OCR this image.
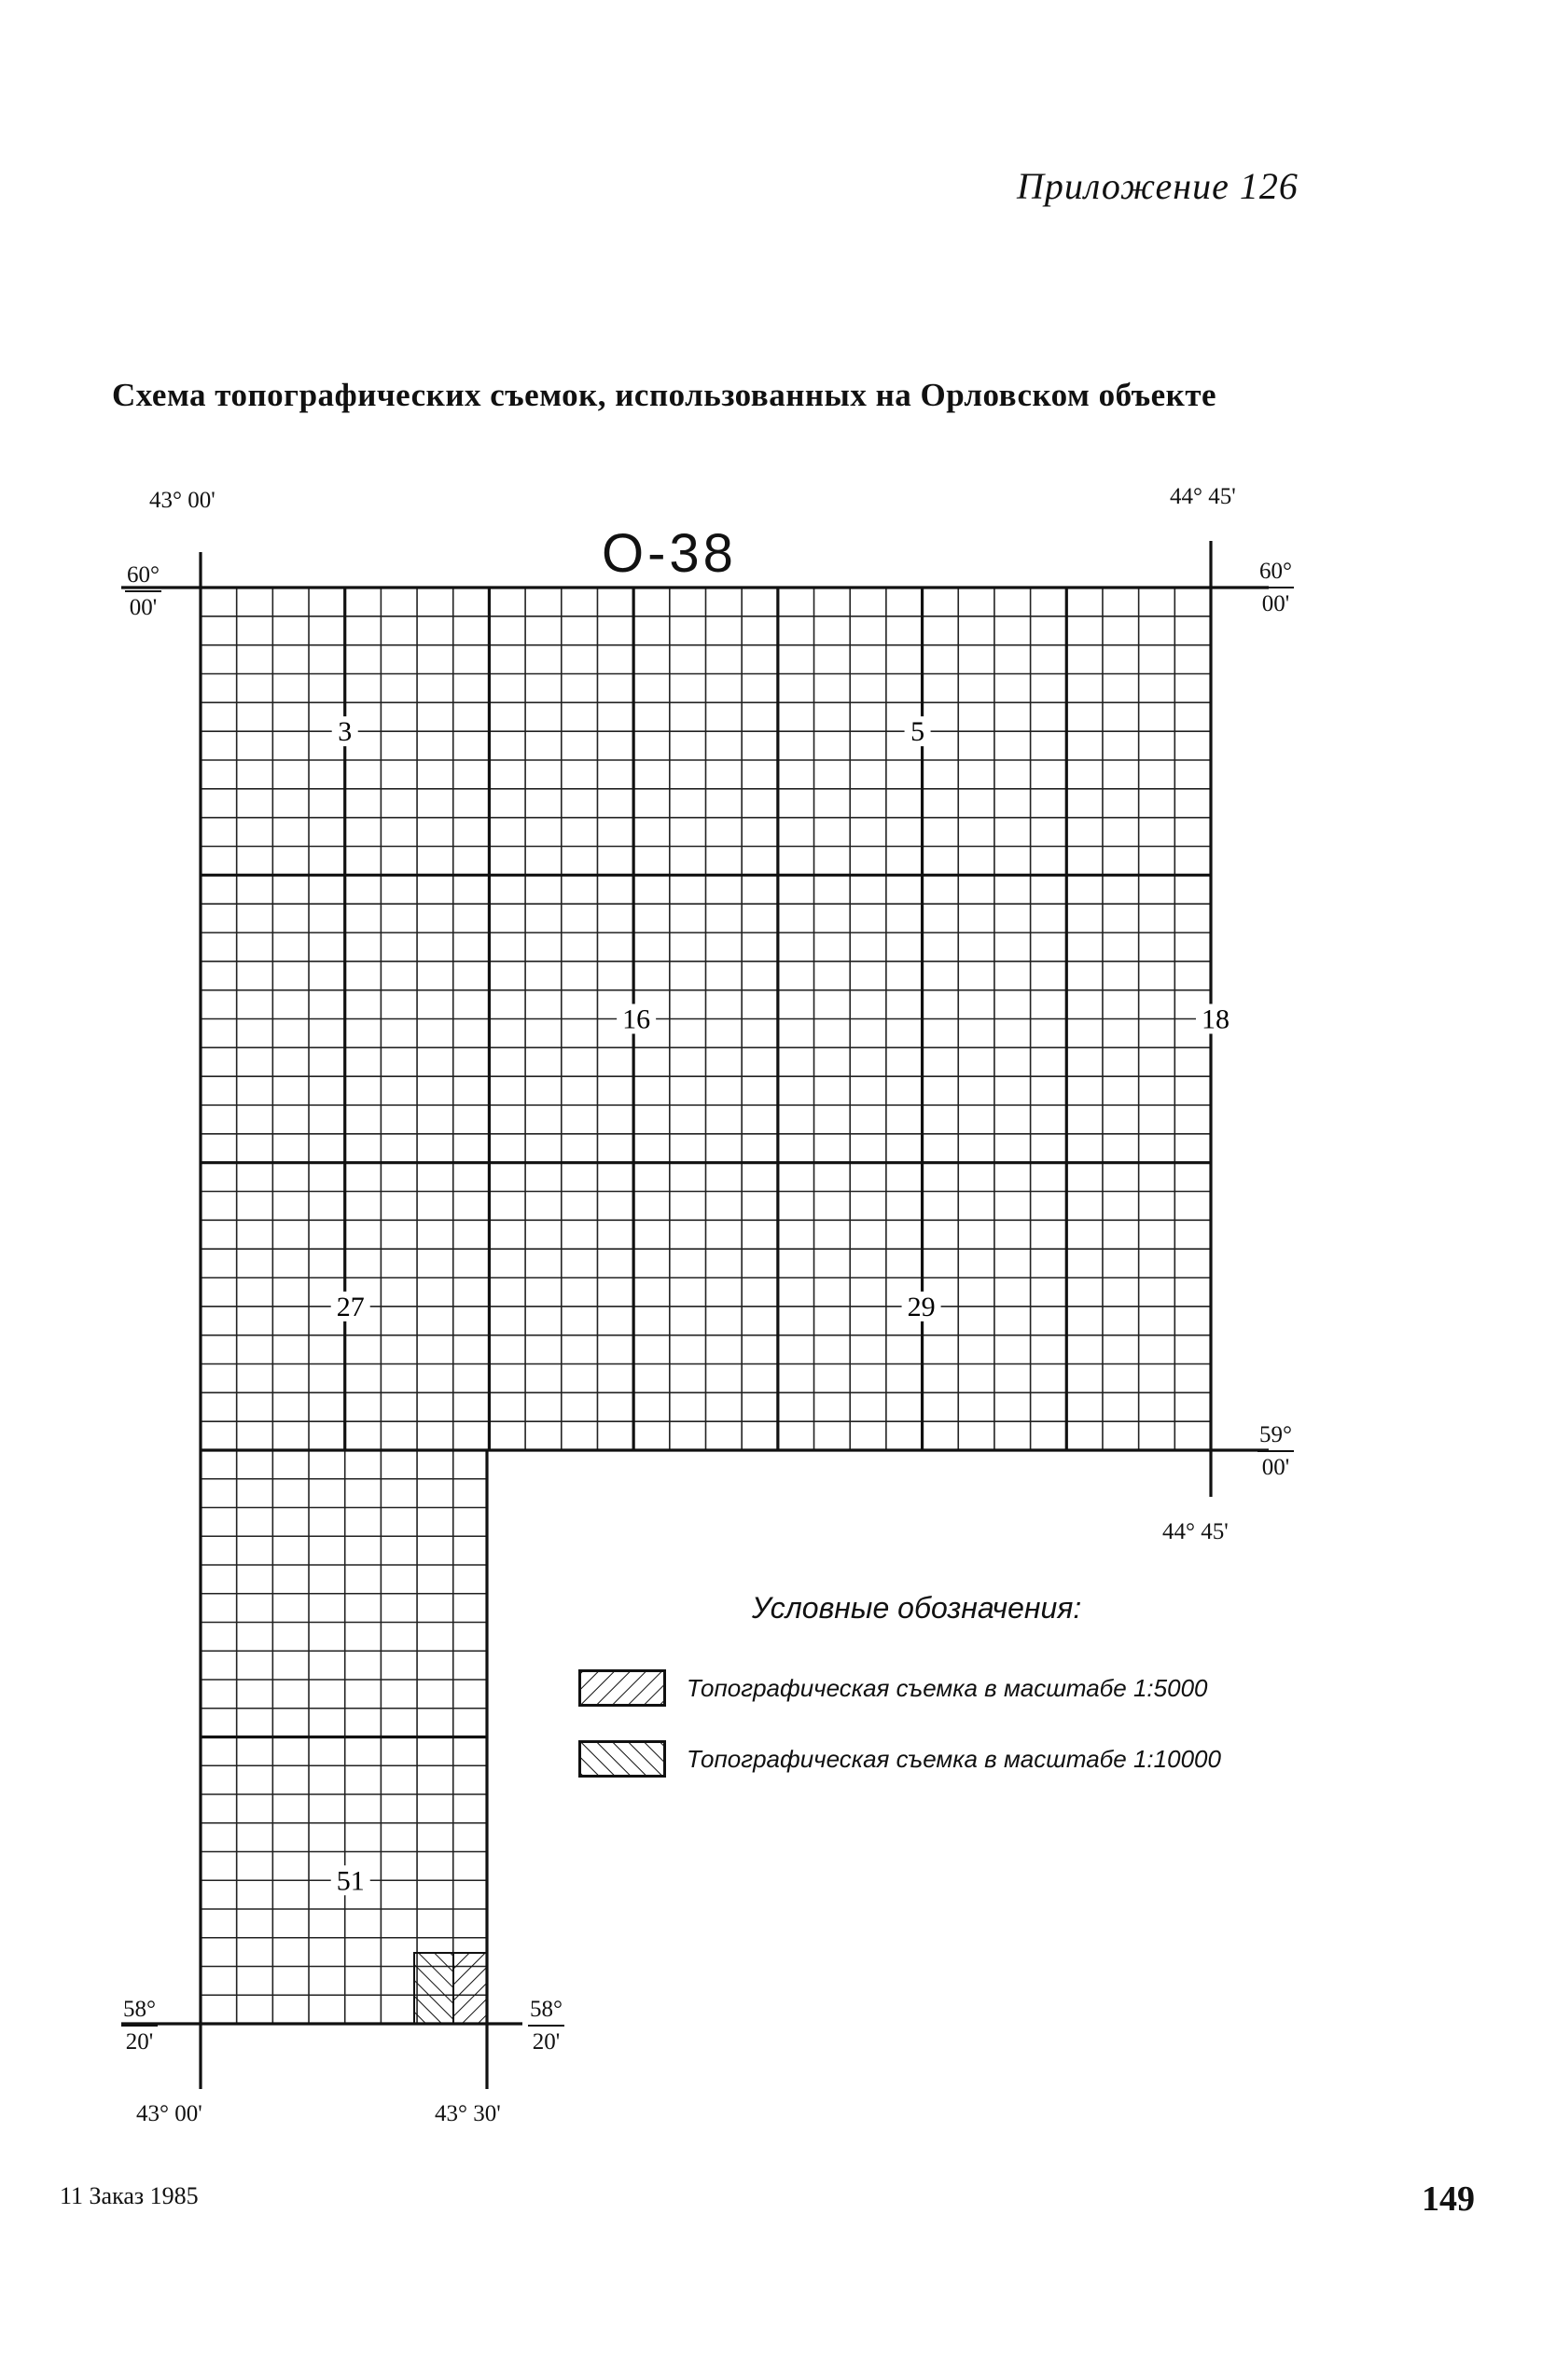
Приложение 126
Схема топографических съемок, использованных на Орловском объекте
3	5
16	18
27	29
51
О-38
43° 00'	44° 45'
43° 00'	43° 30'
44° 45'
$\frac{60^\circ}{00'}$	$\frac{60^\circ}{00'}$
$\frac{59^\circ}{00'}$
$\frac{58^\circ}{20'}$	$\frac{58^\circ}{20'}$
Условные обозначения:
Топографическая съемка в масштабе 1:5000
Топографическая съемка в масштабе 1:10000
11 Заказ 1985	149
